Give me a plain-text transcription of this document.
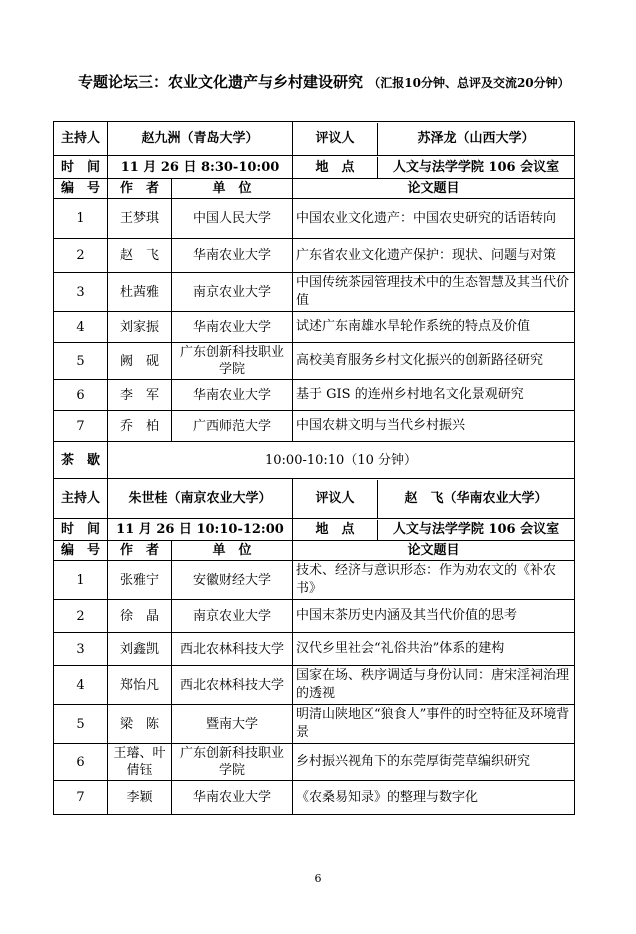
专题论坛三：农业文化遗产与乡村建设研究 （汇报10分钟、总评及交流20分钟）
主持人	赵九洲（青岛大学）		评议人 苏泽龙（山西大学）

时　间	11 月 26 日 8:30-10:00		地　点 人文与法学学院 106 会议室

编　号	作　者	单　位	论文题目
1	王梦琪	中国人民大学	中国农业文化遗产：中国农史研究的话语转向
2	赵　飞	华南农业大学	广东省农业文化遗产保护：现状、问题与对策
3	杜茜雅	南京农业大学	中国传统茶园管理技术中的生态智慧及其当代价值
4	刘家振	华南农业大学	试述广东南雄水旱轮作系统的特点及价值
5	阙　砚	广东创新科技职业学院	高校美育服务乡村文化振兴的创新路径研究
6	李　军	华南农业大学	基于 GIS 的连州乡村地名文化景观研究
7	乔　柏	广西师范大学	中国农耕文明与当代乡村振兴
茶　歇	10:00-10:10（10 分钟）		
主持人	朱世桂（南京农业大学）		评议人 赵　飞（华南农业大学）

时　间	11 月 26 日 10:10-12:00		地　点 人文与法学学院 106 会议室

编　号	作　者	单　位	论文题目
1	张雅宁	安徽财经大学	技术、经济与意识形态：作为劝农文的《补农书》
2	徐　晶	南京农业大学	中国末茶历史内涵及其当代价值的思考
3	刘鑫凯	西北农林科技大学	汉代乡里社会“礼俗共治”体系的建构
4	郑怡凡	西北农林科技大学	国家在场、秩序调适与身份认同：唐宋淫祠治理的透视
5	梁　陈	暨南大学	明清山陕地区“狼食人”事件的时空特征及环境背景
6	王璿、叶倩钰	广东创新科技职业学院	乡村振兴视角下的东莞厚街莞草编织研究
7	李颖	华南农业大学	《农桑易知录》的整理与数字化
6
